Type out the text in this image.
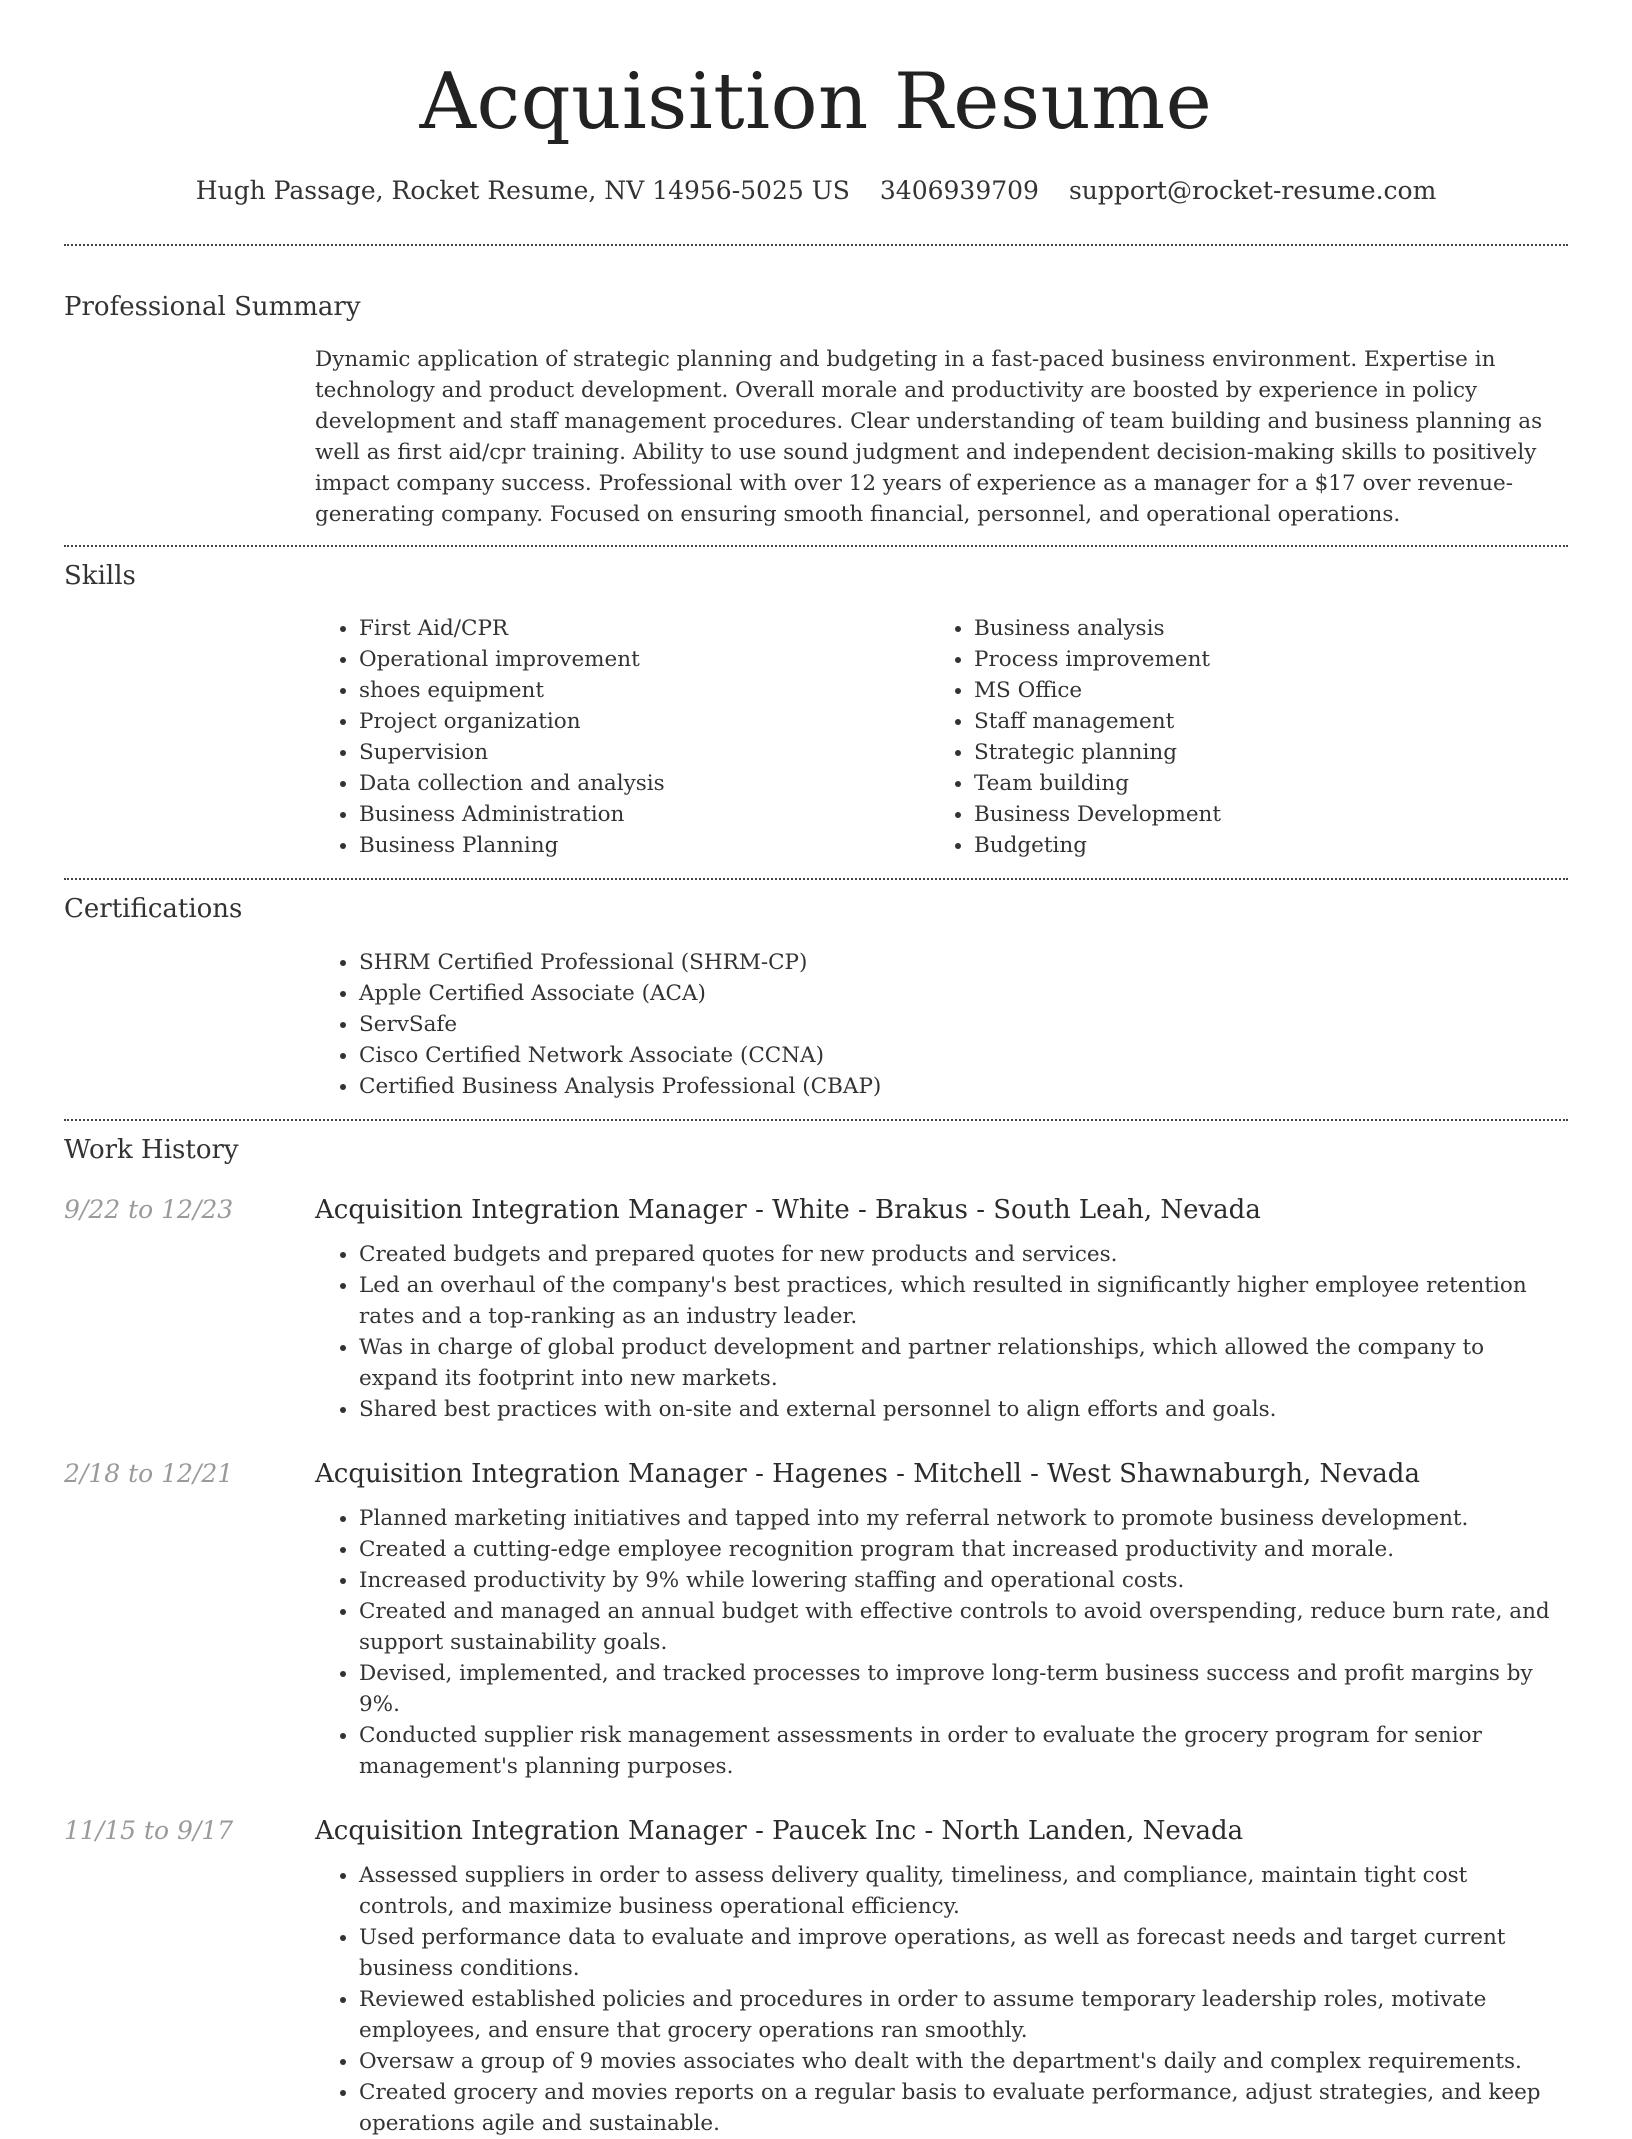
Acquisition Resume
Hugh Passage, Rocket Resume, NV 14956-5025 US 3406939709 support@rocket-resume.com
Professional Summary
Dynamic application of strategic planning and budgeting in a fast-paced business environment. Expertise in technology and product development. Overall morale and productivity are boosted by experience in policy development and staff management procedures. Clear understanding of team building and business planning as well as first aid/cpr training. Ability to use sound judgment and independent decision-making skills to positively impact company success. Professional with over 12 years of experience as a manager for a $17 over revenue-generating company. Focused on ensuring smooth financial, personnel, and operational operations.
Skills
• First Aid/CPR
• Operational improvement
• shoes equipment
• Project organization
• Supervision
• Data collection and analysis
• Business Administration
• Business Planning
• Business analysis
• Process improvement
• MS Office
• Staff management
• Strategic planning
• Team building
• Business Development
• Budgeting
Certifications
• SHRM Certified Professional (SHRM-CP)
• Apple Certified Associate (ACA)
• ServSafe
• Cisco Certified Network Associate (CCNA)
• Certified Business Analysis Professional (CBAP)
Work History
9/22 to 12/23	Acquisition Integration Manager - White - Brakus - South Leah, Nevada
• Created budgets and prepared quotes for new products and services.
• Led an overhaul of the company's best practices, which resulted in significantly higher employee retention rates and a top-ranking as an industry leader.
• Was in charge of global product development and partner relationships, which allowed the company to expand its footprint into new markets.
• Shared best practices with on-site and external personnel to align efforts and goals.
2/18 to 12/21	Acquisition Integration Manager - Hagenes - Mitchell - West Shawnaburgh, Nevada
• Planned marketing initiatives and tapped into my referral network to promote business development.
• Created a cutting-edge employee recognition program that increased productivity and morale.
• Increased productivity by 9% while lowering staffing and operational costs.
• Created and managed an annual budget with effective controls to avoid overspending, reduce burn rate, and support sustainability goals.
• Devised, implemented, and tracked processes to improve long-term business success and profit margins by 9%.
• Conducted supplier risk management assessments in order to evaluate the grocery program for senior management's planning purposes.
11/15 to 9/17	Acquisition Integration Manager - Paucek Inc - North Landen, Nevada
• Assessed suppliers in order to assess delivery quality, timeliness, and compliance, maintain tight cost controls, and maximize business operational efficiency.
• Used performance data to evaluate and improve operations, as well as forecast needs and target current business conditions.
• Reviewed established policies and procedures in order to assume temporary leadership roles, motivate employees, and ensure that grocery operations ran smoothly.
• Oversaw a group of 9 movies associates who dealt with the department's daily and complex requirements.
• Created grocery and movies reports on a regular basis to evaluate performance, adjust strategies, and keep operations agile and sustainable.
